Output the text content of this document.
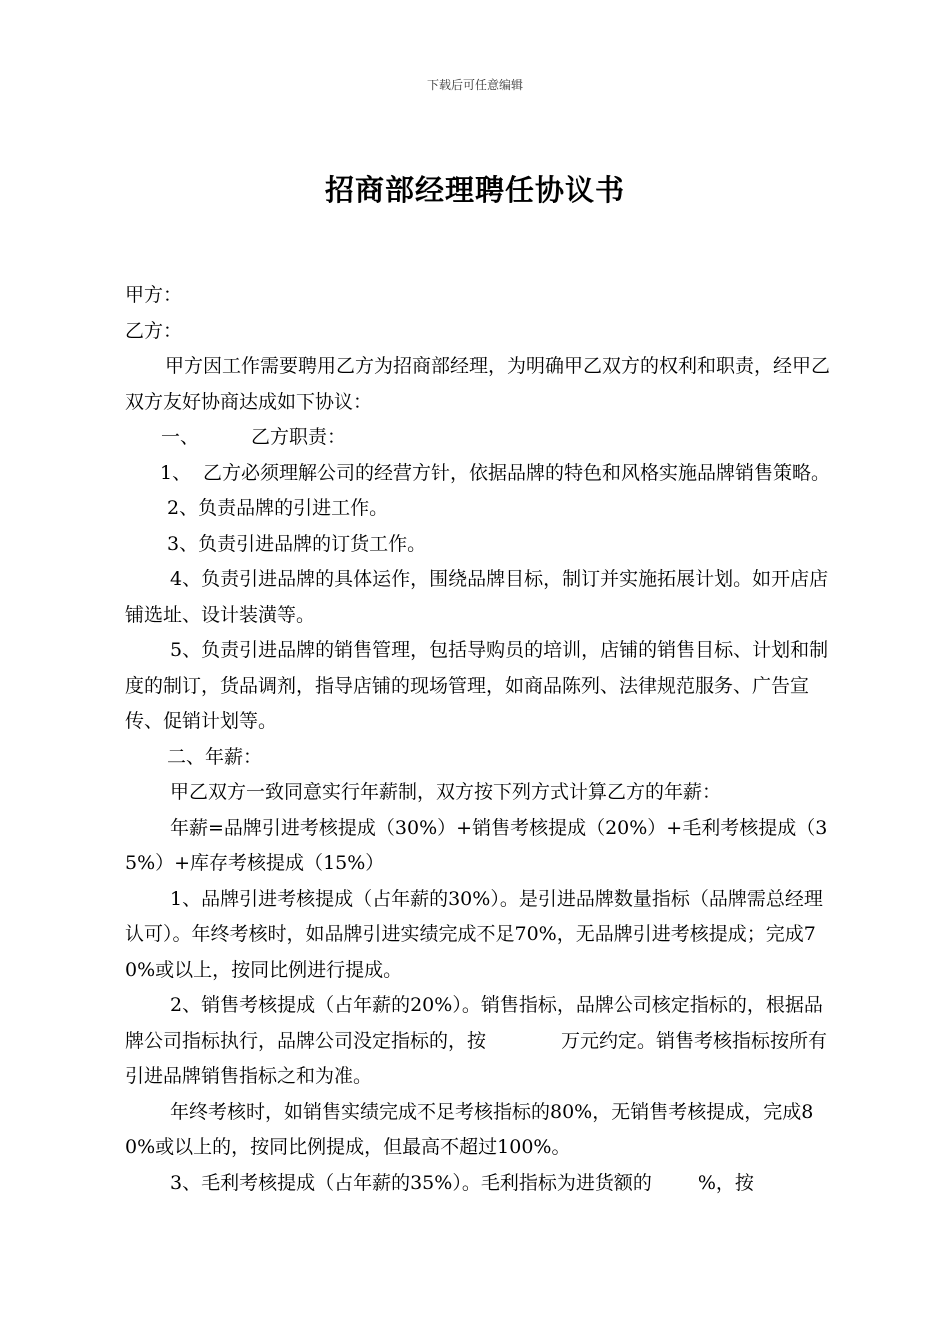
下载后可任意编辑
招商部经理聘任协议书

甲方：

乙方：

甲方因工作需要聘用乙方为招商部经理，为明确甲乙双方的权利和职责，经甲乙双方友好协商达成如下协议：

一、	乙方职责：

1、 乙方必须理解公司的经营方针，依据品牌的特色和风格实施品牌销售策略。

2、负责品牌的引进工作。

3、负责引进品牌的订货工作。

4、负责引进品牌的具体运作，围绕品牌目标，制订并实施拓展计划。如开店店铺选址、设计装潢等。

5、负责引进品牌的销售管理，包括导购员的培训，店铺的销售目标、计划和制度的制订，货品调剂，指导店铺的现场管理，如商品陈列、法律规范服务、广告宣传、促销计划等。

二、年薪：

甲乙双方一致同意实行年薪制，双方按下列方式计算乙方的年薪：

年薪=品牌引进考核提成（30%）+销售考核提成（20%）+毛利考核提成（35%）+库存考核提成（15%）

1、品牌引进考核提成（占年薪的30%）。是引进品牌数量指标（品牌需总经理认可）。年终考核时，如品牌引进实绩完成不足70%，无品牌引进考核提成；完成70%或以上，按同比例进行提成。

2、销售考核提成（占年薪的20%）。销售指标，品牌公司核定指标的，根据品牌公司指标执行，品牌公司没定指标的，按	万元约定。销售考核指标按所有引进品牌销售指标之和为准。

年终考核时，如销售实绩完成不足考核指标的80%，无销售考核提成，完成80%或以上的，按同比例提成，但最高不超过100%。

3、毛利考核提成（占年薪的35%）。毛利指标为进货额的 %，按
